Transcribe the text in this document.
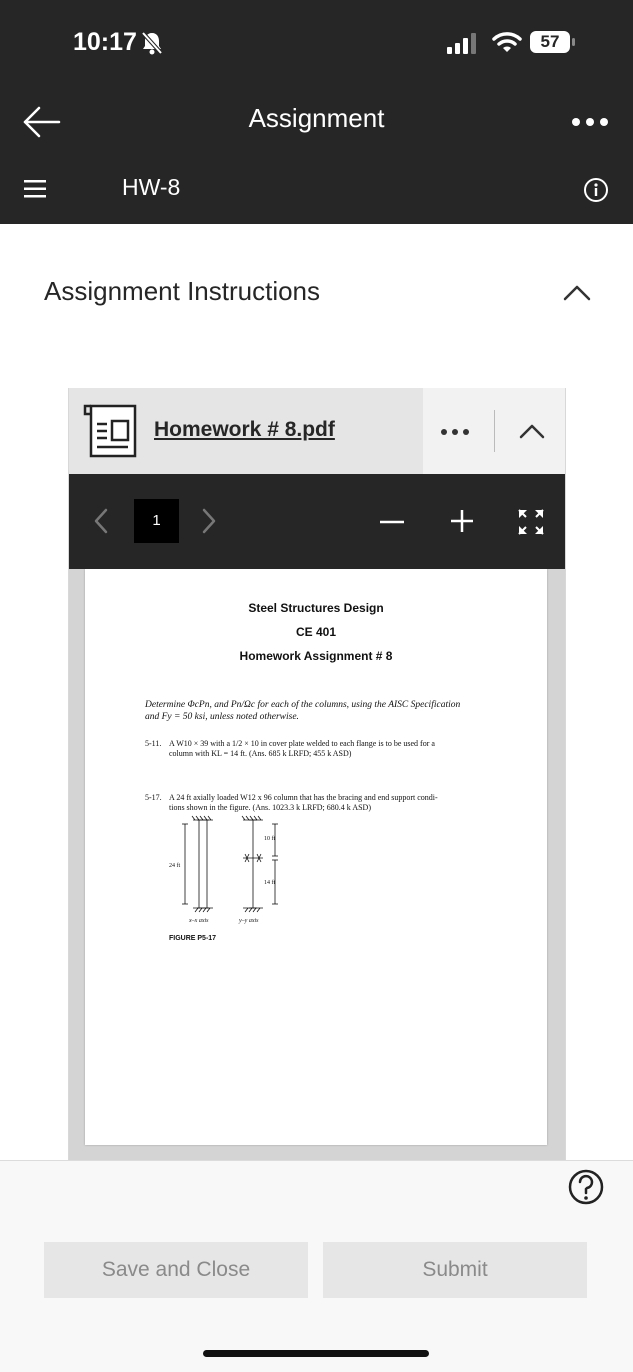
10:17	57
Assignment
HW-8
Assignment Instructions
Homework # 8.pdf
1
Steel Structures Design
CE 401
Homework Assignment # 8
Determine ΦcPn, and Pn/Ωc for each of the columns, using the AISC Specification
and Fy = 50 ksi, unless noted otherwise.
5-11. A W10 × 39 with a 1/2 × 10 in cover plate welded to each flange is to be used for a
column with KL = 14 ft. (Ans. 685 k LRFD; 455 k ASD)
5-17. A 24 ft axially loaded W12 x 96 column that has the bracing and end support condi-
tions shown in the figure. (Ans. 1023.3 k LRFD; 680.4 k ASD)
24 ft
10 ft
14 ft
x–x axis	y–y axis
FIGURE P5-17
Save and Close	Submit
